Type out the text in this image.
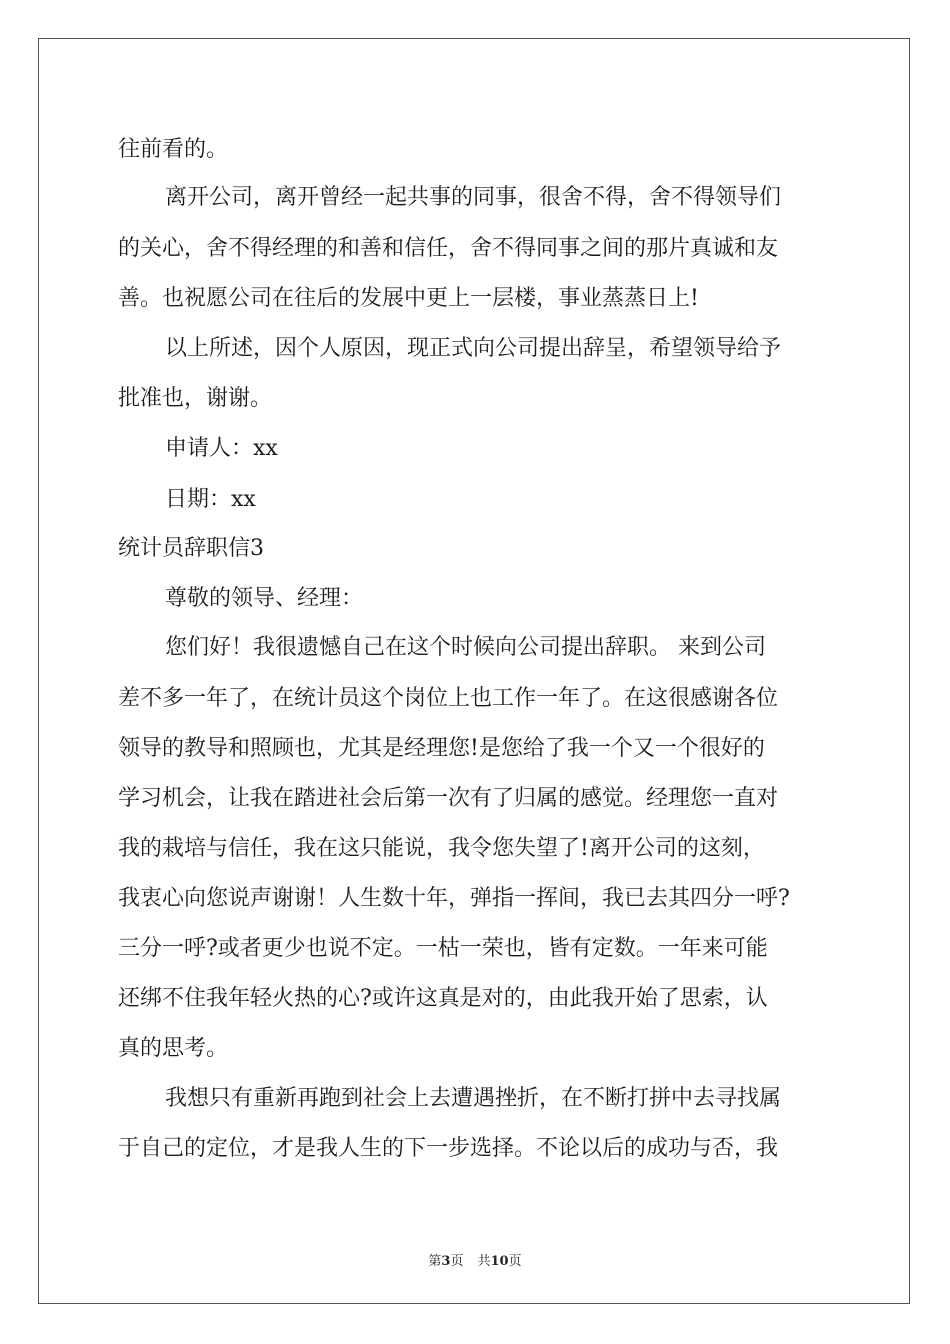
往前看的。
离开公司，离开曾经一起共事的同事，很舍不得，舍不得领导们
的关心，舍不得经理的和善和信任，舍不得同事之间的那片真诚和友
善。也祝愿公司在往后的发展中更上一层楼，事业蒸蒸日上!
以上所述，因个人原因，现正式向公司提出辞呈，希望领导给予
批准也，谢谢。
申请人：xx
日期：xx
统计员辞职信3
尊敬的领导、经理：
您们好！我很遗憾自己在这个时候向公司提出辞职。 来到公司
差不多一年了，在统计员这个岗位上也工作一年了。在这很感谢各位
领导的教导和照顾也，尤其是经理您!是您给了我一个又一个很好的
学习机会，让我在踏进社会后第一次有了归属的感觉。经理您一直对
我的栽培与信任，我在这只能说，我令您失望了!离开公司的这刻，
我衷心向您说声谢谢！人生数十年，弹指一挥间，我已去其四分一呼?
三分一呼?或者更少也说不定。一枯一荣也，皆有定数。一年来可能
还绑不住我年轻火热的心?或许这真是对的，由此我开始了思索，认
真的思考。
我想只有重新再跑到社会上去遭遇挫折，在不断打拼中去寻找属
于自己的定位，才是我人生的下一步选择。不论以后的成功与否，我
第3页 共10页
